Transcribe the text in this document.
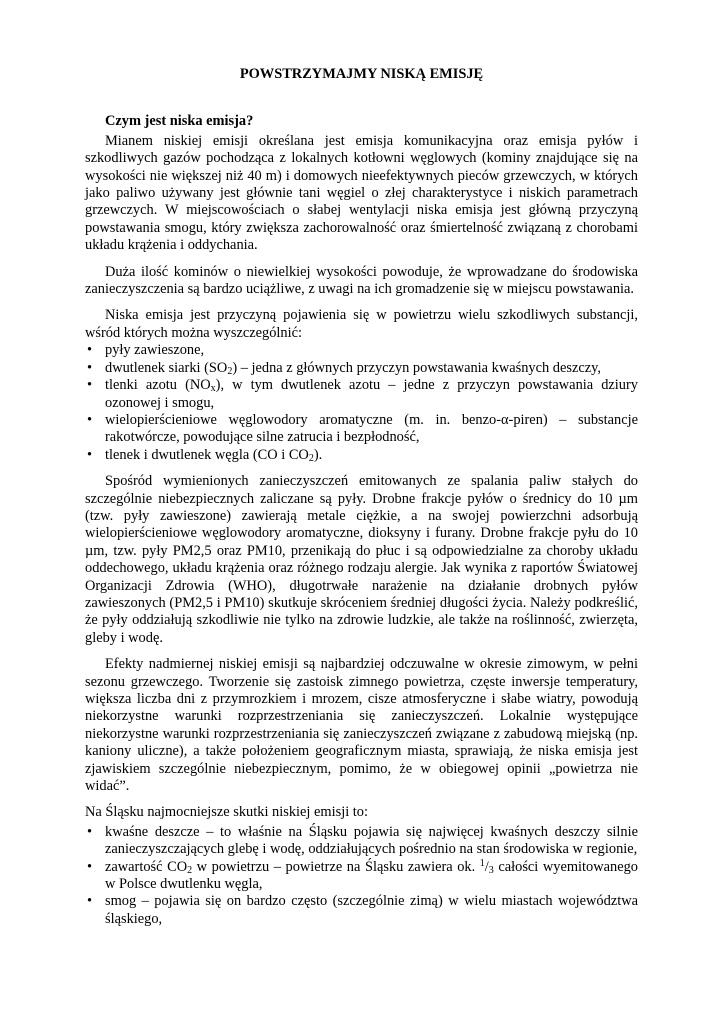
POWSTRZYMAJMY NISKĄ EMISJĘ
Czym jest niska emisja?

Mianem niskiej emisji określana jest emisja komunikacyjna oraz emisja pyłów i szkodliwych gazów pochodząca z lokalnych kotłowni węglowych (kominy znajdujące się na wysokości nie większej niż 40 m) i domowych nieefektywnych pieców grzewczych, w których jako paliwo używany jest głównie tani węgiel o złej charakterystyce i niskich parametrach grzewczych. W miejscowościach o słabej wentylacji niska emisja jest główną przyczyną powstawania smogu, który zwiększa zachorowalność oraz śmiertelność związaną z chorobami układu krążenia i oddychania.

Duża ilość kominów o niewielkiej wysokości powoduje, że wprowadzane do środowiska zanieczyszczenia są bardzo uciążliwe, z uwagi na ich gromadzenie się w miejscu powstawania.

Niska emisja jest przyczyną pojawienia się w powietrzu wielu szkodliwych substancji, wśród których można wyszczególnić:

• pyły zawieszone,
• dwutlenek siarki $(SO_2)$ – jedna z głównych przyczyn powstawania kwaśnych deszczy,
• tlenki azotu $(NO_x)$, w tym dwutlenek azotu – jedne z przyczyn powstawania dziury ozonowej i smogu,
• wielopierścieniowe węglowodory aromatyczne (m. in. benzo-α-piren) – substancje rakotwórcze, powodujące silne zatrucia i bezpłodność,
• tlenek i dwutlenek węgla (CO i $CO_2$).

Spośród wymienionych zanieczyszczeń emitowanych ze spalania paliw stałych do szczególnie niebezpiecznych zaliczane są pyły. Drobne frakcje pyłów o średnicy do 10 µm (tzw. pyły zawieszone) zawierają metale ciężkie, a na swojej powierzchni adsorbują wielopierścieniowe węglowodory aromatyczne, dioksyny i furany. Drobne frakcje pyłu do 10 µm, tzw. pyły PM2,5 oraz PM10, przenikają do płuc i są odpowiedzialne za choroby układu oddechowego, układu krążenia oraz różnego rodzaju alergie. Jak wynika z raportów Światowej Organizacji Zdrowia (WHO), długotrwałe narażenie na działanie drobnych pyłów zawieszonych (PM2,5 i PM10) skutkuje skróceniem średniej długości życia. Należy podkreślić, że pyły oddziałują szkodliwie nie tylko na zdrowie ludzkie, ale także na roślinność, zwierzęta, gleby i wodę.

Efekty nadmiernej niskiej emisji są najbardziej odczuwalne w okresie zimowym, w pełni sezonu grzewczego. Tworzenie się zastoisk zimnego powietrza, częste inwersje temperatury, większa liczba dni z przymrozkiem i mrozem, cisze atmosferyczne i słabe wiatry, powodują niekorzystne warunki rozprzestrzeniania się zanieczyszczeń. Lokalnie występujące niekorzystne warunki rozprzestrzeniania się zanieczyszczeń związane z zabudową miejską (np. kaniony uliczne), a także położeniem geograficznym miasta, sprawiają, że niska emisja jest zjawiskiem szczególnie niebezpiecznym, pomimo, że w obiegowej opinii „powietrza nie widać”.

Na Śląsku najmocniejsze skutki niskiej emisji to:

• kwaśne deszcze – to właśnie na Śląsku pojawia się najwięcej kwaśnych deszczy silnie zanieczyszczających glebę i wodę, oddziałujących pośrednio na stan środowiska w regionie,
• zawartość $CO_2$ w powietrzu – powietrze na Śląsku zawiera ok. $^1/_3$ całości wyemitowanego w Polsce dwutlenku węgla,
• smog – pojawia się on bardzo często (szczególnie zimą) w wielu miastach województwa śląskiego,
